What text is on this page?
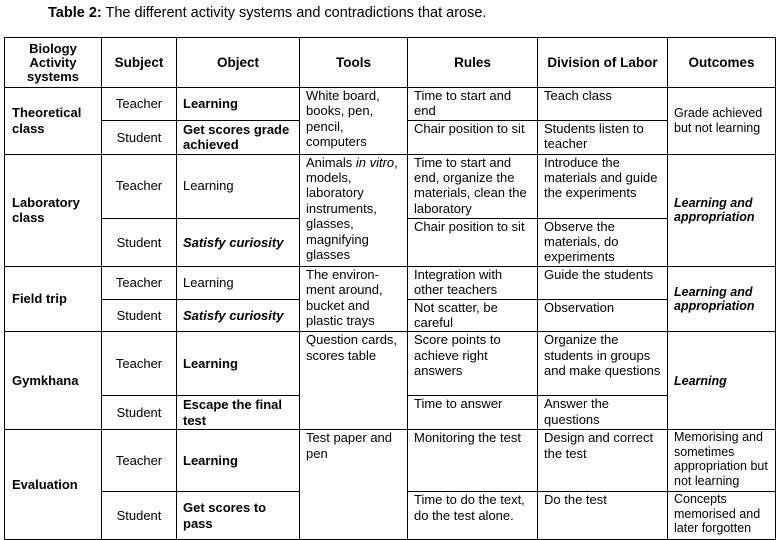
Table 2: The different activity systems and contradictions that arose.
Biology Activity systems	Subject	Object	Tools	Rules	Division of Labor	Outcomes
Theoretical class	Teacher	Learning	White board, books, pen, pencil, computers	Time to start and end	Teach class	Grade achieved but not learning
	Student	Get scores grade achieved		Chair position to sit	Students listen to teacher	
Laboratory class	Teacher	Learning	Animals in vitro, models, laboratory instruments, glasses, magnifying glasses	Time to start and end, organize the materials, clean the laboratory	Introduce the materials and guide the experiments	Learning and appropriation
	Student	Satisfy curiosity		Chair position to sit	Observe the materials, do experiments	
Field trip	Teacher	Learning	The environ-ment around, bucket and plastic trays	Integration with other teachers	Guide the students	Learning and appropriation
	Student	Satisfy curiosity		Not scatter, be careful	Observation	
Gymkhana	Teacher	Learning	Question cards, scores table	Score points to achieve right answers	Organize the students in groups and make questions	Learning
	Student	Escape the final test		Time to answer	Answer the questions	
Evaluation	Teacher	Learning	Test paper and pen	Monitoring the test	Design and correct the test	Memorising and sometimes appropriation but not learning
	Student	Get scores to pass		Time to do the text, do the test alone.	Do the test	Concepts memorised and later forgotten
